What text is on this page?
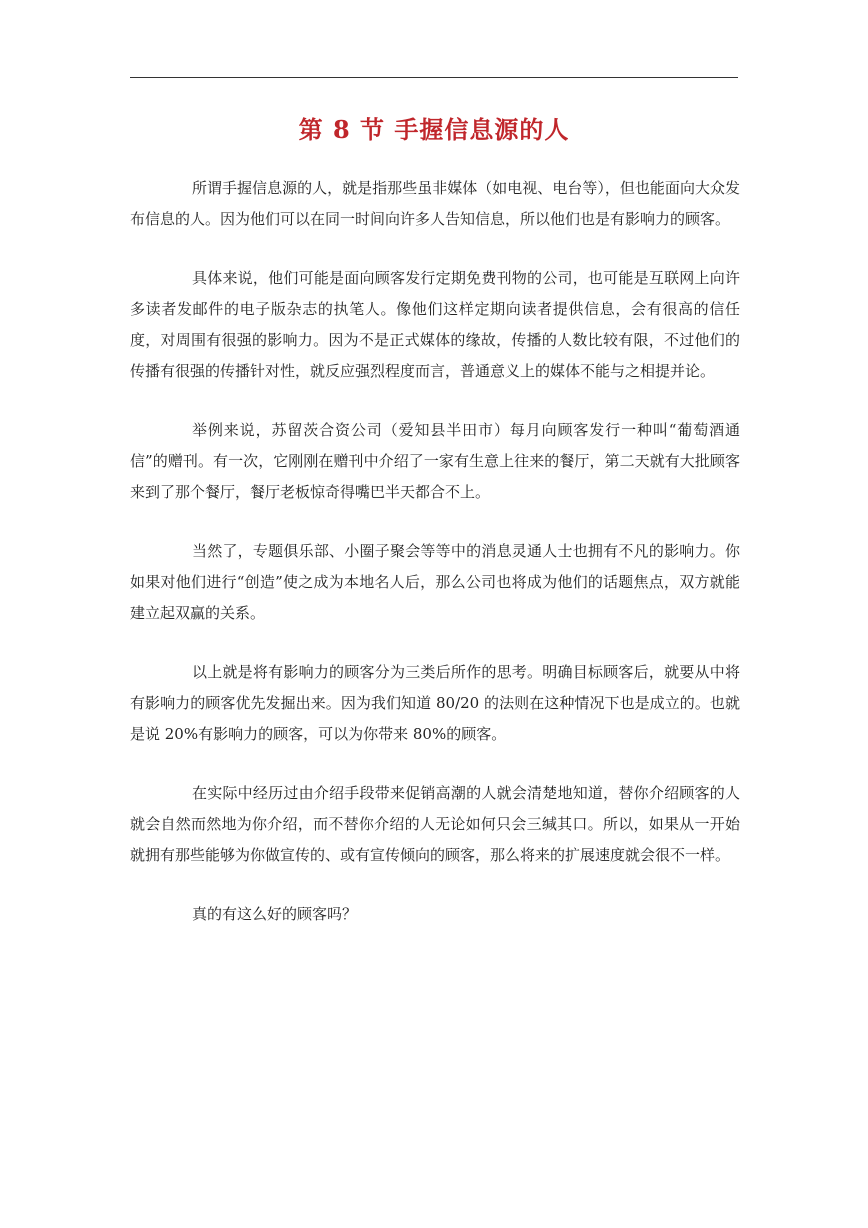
第 8 节 手握信息源的人

所谓手握信息源的人，就是指那些虽非媒体（如电视、电台等），但也能面向大众发布信息的人。因为他们可以在同一时间向许多人告知信息，所以他们也是有影响力的顾客。

具体来说，他们可能是面向顾客发行定期免费刊物的公司，也可能是互联网上向许多读者发邮件的电子版杂志的执笔人。像他们这样定期向读者提供信息，会有很高的信任度，对周围有很强的影响力。因为不是正式媒体的缘故，传播的人数比较有限，不过他们的传播有很强的传播针对性，就反应强烈程度而言，普通意义上的媒体不能与之相提并论。

举例来说，苏留茨合资公司（爱知县半田市）每月向顾客发行一种叫“葡萄酒通信”的赠刊。有一次，它刚刚在赠刊中介绍了一家有生意上往来的餐厅，第二天就有大批顾客来到了那个餐厅，餐厅老板惊奇得嘴巴半天都合不上。

当然了，专题俱乐部、小圈子聚会等等中的消息灵通人士也拥有不凡的影响力。你如果对他们进行“创造”使之成为本地名人后，那么公司也将成为他们的话题焦点，双方就能建立起双赢的关系。

以上就是将有影响力的顾客分为三类后所作的思考。明确目标顾客后，就要从中将有影响力的顾客优先发掘出来。因为我们知道 80/20 的法则在这种情况下也是成立的。也就是说 20%有影响力的顾客，可以为你带来 80%的顾客。

在实际中经历过由介绍手段带来促销高潮的人就会清楚地知道，替你介绍顾客的人就会自然而然地为你介绍，而不替你介绍的人无论如何只会三缄其口。所以，如果从一开始就拥有那些能够为你做宣传的、或有宣传倾向的顾客，那么将来的扩展速度就会很不一样。

真的有这么好的顾客吗？
